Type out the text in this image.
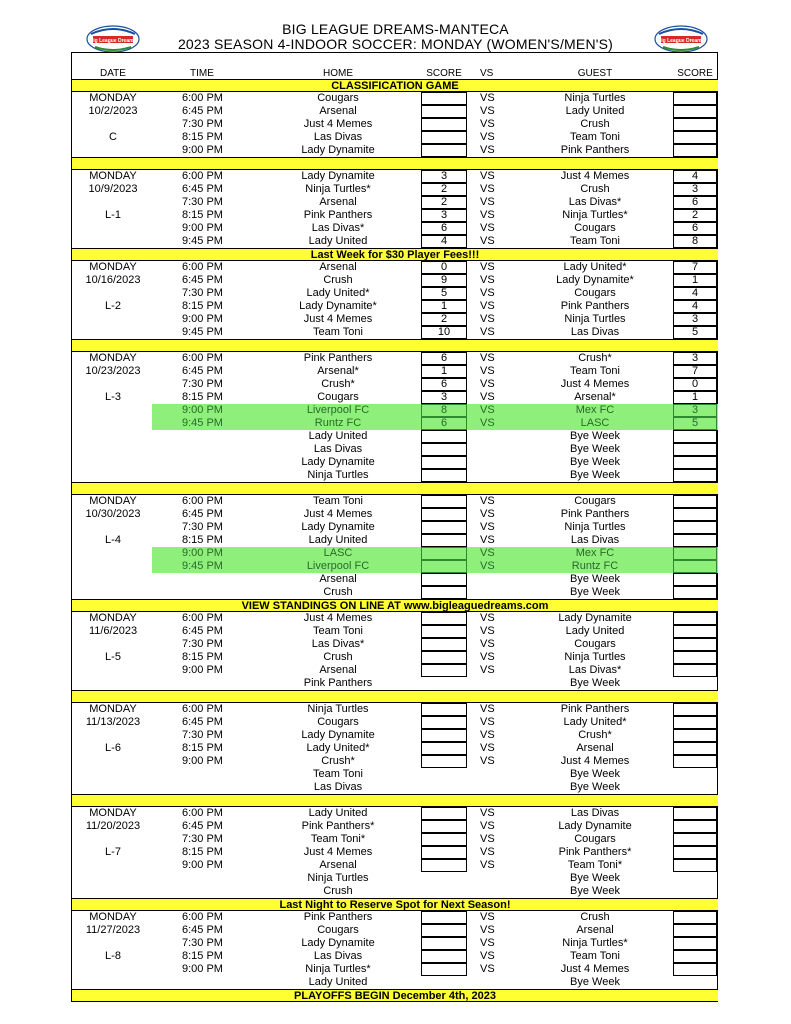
Big League Dreams	Big League Dreams
BIG LEAGUE DREAMS-MANTECA
2023 SEASON 4-INDOOR SOCCER: MONDAY (WOMEN'S/MEN'S)
DATE	TIME	HOME	SCORE	VS	GUEST	SCORE
CLASSIFICATION GAME
MONDAY	6:00 PM	Cougars	VS	Ninja Turtles
10/2/2023	6:45 PM	Arsenal	VS	Lady United
7:30 PM	Just 4 Memes	VS	Crush
C	8:15 PM	Las Divas	VS	Team Toni
9:00 PM	Lady Dynamite	VS	Pink Panthers
MONDAY	6:00 PM	Lady Dynamite	3	VS	Just 4 Memes	4
10/9/2023	6:45 PM	Ninja Turtles*	2	VS	Crush	3
7:30 PM	Arsenal	2	VS	Las Divas*	6
L-1	8:15 PM	Pink Panthers	3	VS	Ninja Turtles*	2
9:00 PM	Las Divas*	6	VS	Cougars	6
9:45 PM	Lady United	4	VS	Team Toni	8
Last Week for $30 Player Fees!!!
MONDAY	6:00 PM	Arsenal	0	VS	Lady United*	7
10/16/2023	6:45 PM	Crush	9	VS	Lady Dynamite*	1
7:30 PM	Lady United*	5	VS	Cougars	4
L-2	8:15 PM	Lady Dynamite*	1	VS	Pink Panthers	4
9:00 PM	Just 4 Memes	2	VS	Ninja Turtles	3
9:45 PM	Team Toni	10	VS	Las Divas	5
MONDAY	6:00 PM	Pink Panthers	6	VS	Crush*	3
10/23/2023	6:45 PM	Arsenal*	1	VS	Team Toni	7
7:30 PM	Crush*	6	VS	Just 4 Memes	0
L-3	8:15 PM	Cougars	3	VS	Arsenal*	1
9:00 PM	Liverpool FC	8	VS	Mex FC	3
9:45 PM	Runtz FC	6	VS	LASC	5
Lady United	Bye Week
Las Divas	Bye Week
Lady Dynamite	Bye Week
Ninja Turtles	Bye Week
MONDAY	6:00 PM	Team Toni	VS	Cougars
10/30/2023	6:45 PM	Just 4 Memes	VS	Pink Panthers
7:30 PM	Lady Dynamite	VS	Ninja Turtles
L-4	8:15 PM	Lady United	VS	Las Divas
9:00 PM	LASC	VS	Mex FC
9:45 PM	Liverpool FC	VS	Runtz FC
Arsenal	Bye Week
Crush	Bye Week
VIEW STANDINGS ON LINE AT www.bigleaguedreams.com
MONDAY	6:00 PM	Just 4 Memes	VS	Lady Dynamite
11/6/2023	6:45 PM	Team Toni	VS	Lady United
7:30 PM	Las Divas*	VS	Cougars
L-5	8:15 PM	Crush	VS	Ninja Turtles
9:00 PM	Arsenal	VS	Las Divas*
Pink Panthers	Bye Week
MONDAY	6:00 PM	Ninja Turtles	VS	Pink Panthers
11/13/2023	6:45 PM	Cougars	VS	Lady United*
7:30 PM	Lady Dynamite	VS	Crush*
L-6	8:15 PM	Lady United*	VS	Arsenal
9:00 PM	Crush*	VS	Just 4 Memes
Team Toni	Bye Week
Las Divas	Bye Week
MONDAY	6:00 PM	Lady United	VS	Las Divas
11/20/2023	6:45 PM	Pink Panthers*	VS	Lady Dynamite
7:30 PM	Team Toni*	VS	Cougars
L-7	8:15 PM	Just 4 Memes	VS	Pink Panthers*
9:00 PM	Arsenal	VS	Team Toni*
Ninja Turtles	Bye Week
Crush	Bye Week
Last Night to Reserve Spot for Next Season!
MONDAY	6:00 PM	Pink Panthers	VS	Crush
11/27/2023	6:45 PM	Cougars	VS	Arsenal
7:30 PM	Lady Dynamite	VS	Ninja Turtles*
L-8	8:15 PM	Las Divas	VS	Team Toni
9:00 PM	Ninja Turtles*	VS	Just 4 Memes
Lady United	Bye Week
PLAYOFFS BEGIN December 4th, 2023
